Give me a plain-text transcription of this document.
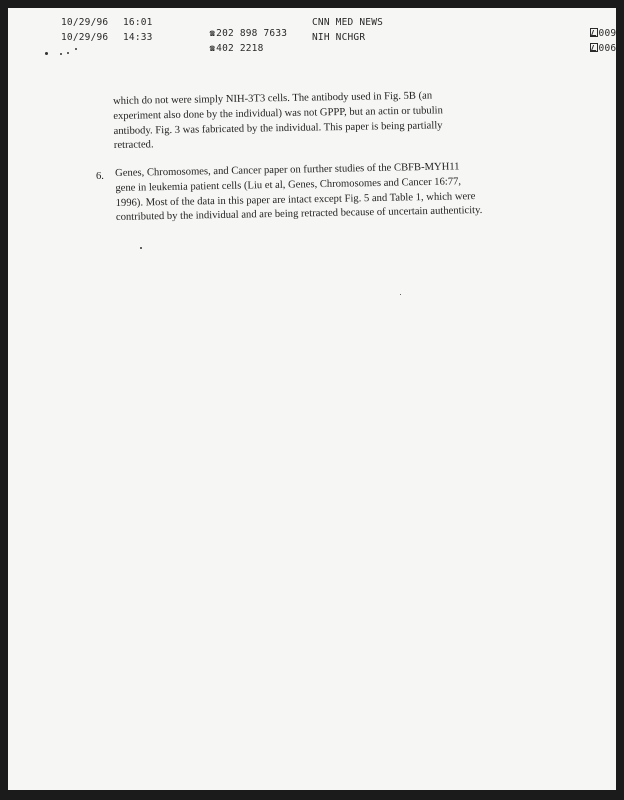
10/29/96

16:01

☎202 898 7633

CNN MED NEWS

009

10/29/96

14:33

☎402 2218

NIH NCHGR

006

which do not were simply NIH-3T3 cells. The antibody used in Fig. 5B (an
experiment also done by the individual) was not GPPP, but an actin or tubulin
antibody. Fig. 3 was fabricated by the individual. This paper is being partially
retracted.
6. Genes, Chromosomes, and Cancer paper on further studies of the CBFB-MYH11
gene in leukemia patient cells (Liu et al, Genes, Chromosomes and Cancer 16:77,
1996). Most of the data in this paper are intact except Fig. 5 and Table 1, which were
contributed by the individual and are being retracted because of uncertain authenticity.
